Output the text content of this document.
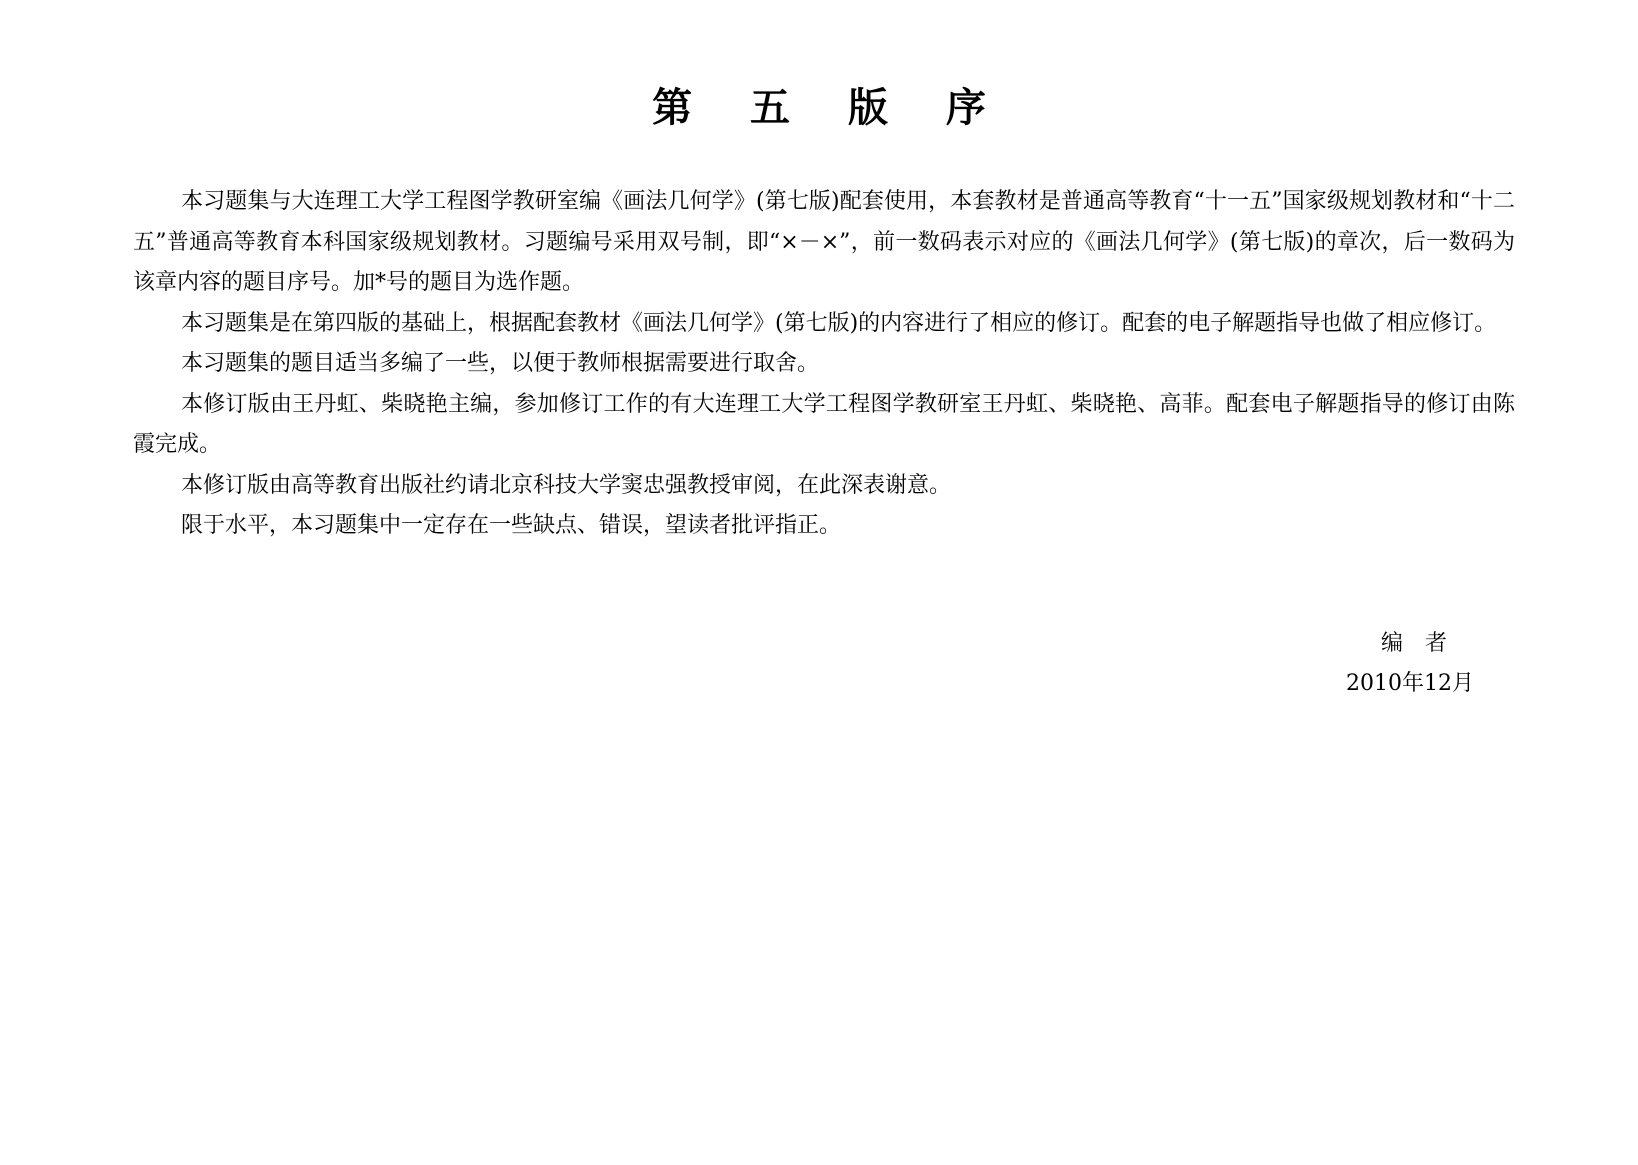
第 五 版 序

本习题集与大连理工大学工程图学教研室编《画法几何学》(第七版)配套使用，本套教材是普通高等教育“十一五”国家级规划教材和“十二五”普通高等教育本科国家级规划教材。习题编号采用双号制，即“×－×”，前一数码表示对应的《画法几何学》(第七版)的章次，后一数码为该章内容的题目序号。加*号的题目为选作题。

本习题集是在第四版的基础上，根据配套教材《画法几何学》(第七版)的内容进行了相应的修订。配套的电子解题指导也做了相应修订。

本习题集的题目适当多编了一些，以便于教师根据需要进行取舍。

本修订版由王丹虹、柴晓艳主编，参加修订工作的有大连理工大学工程图学教研室王丹虹、柴晓艳、高菲。配套电子解题指导的修订由陈霞完成。

本修订版由高等教育出版社约请北京科技大学窦忠强教授审阅，在此深表谢意。

限于水平，本习题集中一定存在一些缺点、错误，望读者批评指正。

编者
2010年12月
